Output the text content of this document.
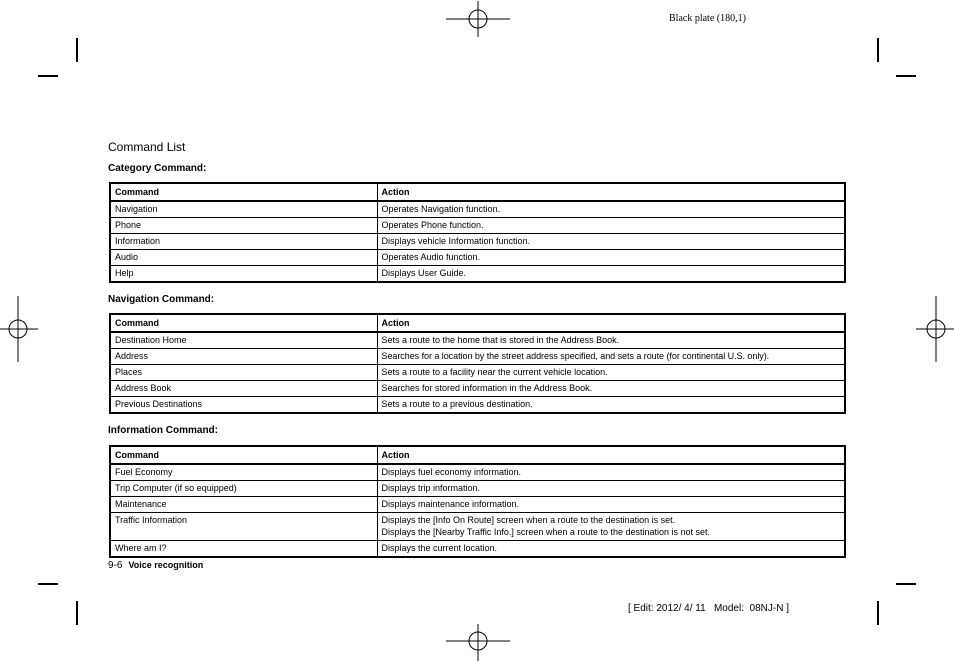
Black plate (180,1)
Command List
Category Command:
Command	Action
Navigation	Operates Navigation function.
Phone	Operates Phone function.
Information	Displays vehicle Information function.
Audio	Operates Audio function.
Help	Displays User Guide.
Navigation Command:
Command	Action
Destination Home	Sets a route to the home that is stored in the Address Book.
Address	Searches for a location by the street address specified, and sets a route (for continental U.S. only).
Places	Sets a route to a facility near the current vehicle location.
Address Book	Searches for stored information in the Address Book.
Previous Destinations	Sets a route to a previous destination.
Information Command:
Command	Action
Fuel Economy	Displays fuel economy information.
Trip Computer (if so equipped)	Displays trip information.
Maintenance	Displays maintenance information.
Traffic Information	Displays the [Info On Route] screen when a route to the destination is set.
Displays the [Nearby Traffic Info.] screen when a route to the destination is not set.
Where am I?	Displays the current location.
9-6 Voice recognition
[ Edit: 2012/ 4/ 11   Model:  08NJ-N ]
